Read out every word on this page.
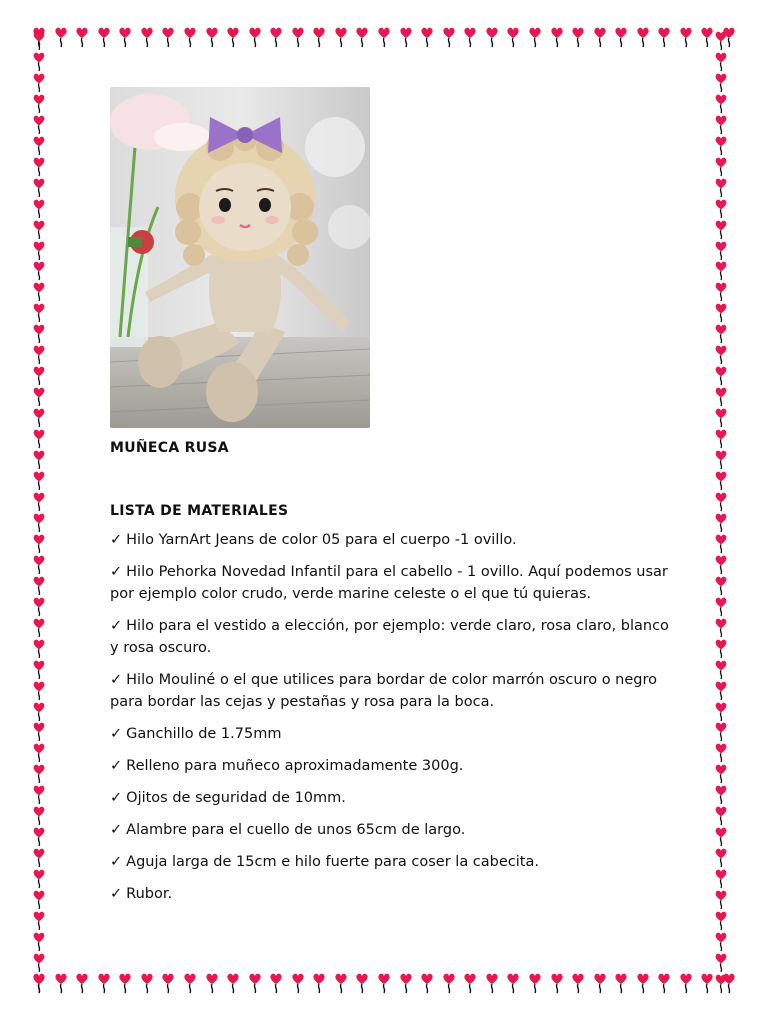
MUÑECA RUSA
LISTA DE MATERIALES
✓ Hilo YarnArt Jeans de color 05 para el cuerpo -1 ovillo.
✓ Hilo Pehorka Novedad Infantil para el cabello - 1 ovillo. Aquí podemos usar por ejemplo color crudo, verde marine celeste o el que tú quieras.
✓ Hilo para el vestido a elección, por ejemplo: verde claro, rosa claro, blanco y rosa oscuro.
✓ Hilo Mouliné o el que utilices para bordar de color marrón oscuro o negro para bordar las cejas y pestañas y rosa para la boca.
✓ Ganchillo de 1.75mm
✓ Relleno para muñeco aproximadamente 300g.
✓ Ojitos de seguridad de 10mm.
✓ Alambre para el cuello de unos 65cm de largo.
✓ Aguja larga de 15cm e hilo fuerte para coser la cabecita.
✓ Rubor.
